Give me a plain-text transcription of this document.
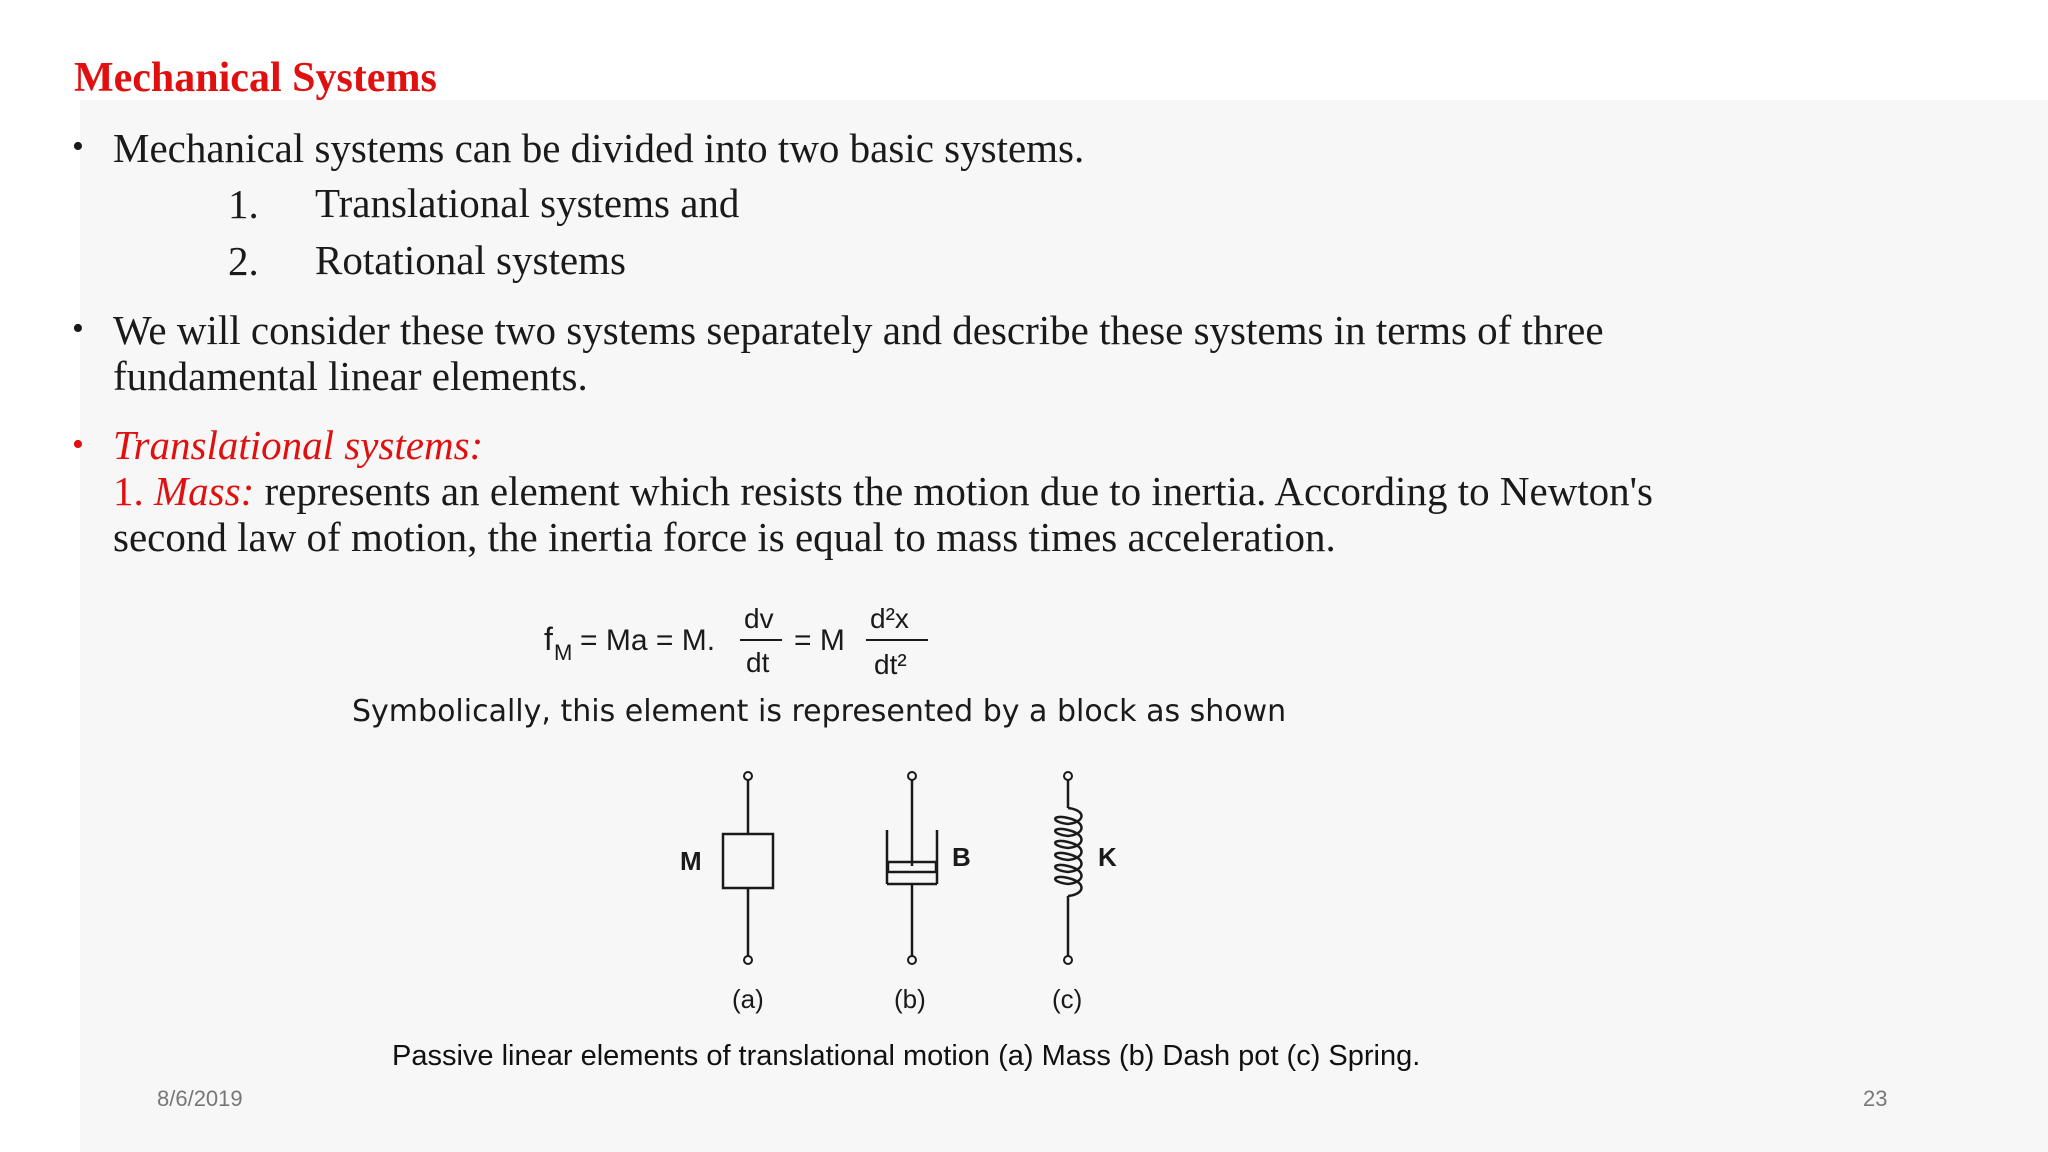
Mechanical Systems
• Mechanical systems can be divided into two basic systems.
1. Translational systems and
2. Rotational systems
• We will consider these two systems separately and describe these systems in terms of three
fundamental linear elements.
• Translational systems:
1. Mass: represents an element which resists the motion due to inertia. According to Newton's
second law of motion, the inertia force is equal to mass times acceleration.
f M = Ma = M.
dv
dt
= M
d²x
dt²
Symbolically, this element is represented by a block as shown
M
(a)
B
(b)
K
(c)
Passive linear elements of translational motion (a) Mass (b) Dash pot (c) Spring.
8/6/2019	23
